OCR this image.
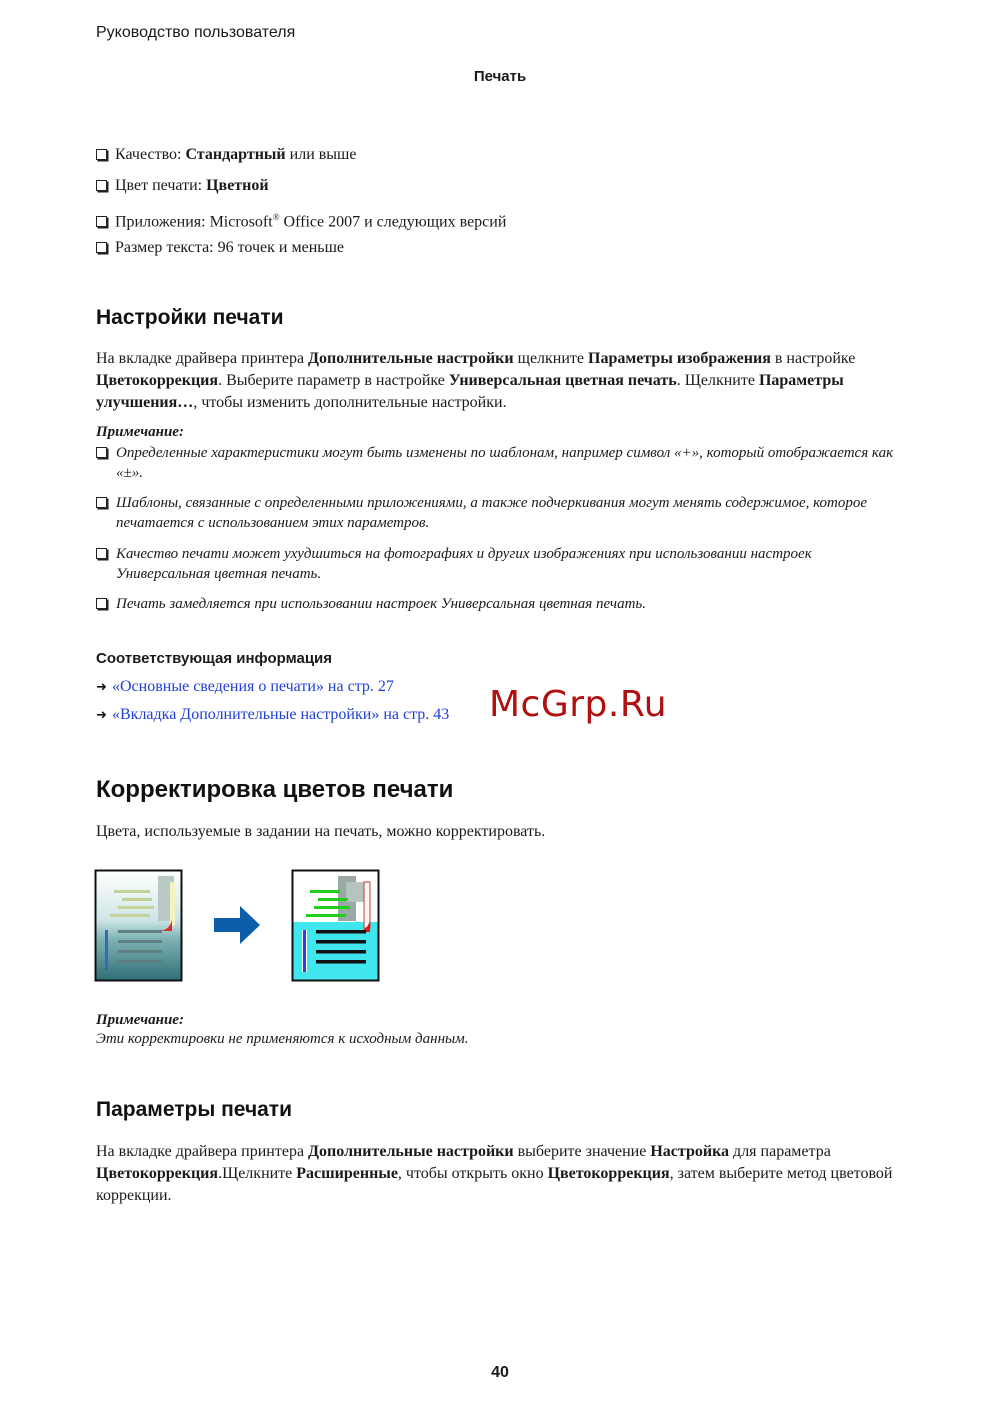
Руководство пользователя
Печать
Качество: Стандартный или выше
Цвет печати: Цветной
Приложения: Microsoft® Office 2007 и следующих версий
Размер текста: 96 точек и меньше
Настройки печати
На вкладке драйвера принтера Дополнительные настройки щелкните Параметры изображения в настройке Цветокоррекция. Выберите параметр в настройке Универсальная цветная печать. Щелкните Параметры улучшения…, чтобы изменить дополнительные настройки.
Примечание:
Определенные характеристики могут быть изменены по шаблонам, например символ «+», который отображается как «±».
Шаблоны, связанные с определенными приложениями, а также подчеркивания могут менять содержимое, которое печатается с использованием этих параметров.
Качество печати может ухудшиться на фотографиях и других изображениях при использовании настроек Универсальная цветная печать.
Печать замедляется при использовании настроек Универсальная цветная печать.
Соответствующая информация
➜ «Основные сведения о печати» на стр. 27
➜ «Вкладка Дополнительные настройки» на стр. 43 McGrp.Ru
Корректировка цветов печати
Цвета, используемые в задании на печать, можно корректировать.
Примечание:
Эти корректировки не применяются к исходным данным.
Параметры печати
На вкладке драйвера принтера Дополнительные настройки выберите значение Настройка для параметра Цветокоррекция.Щелкните Расширенные, чтобы открыть окно Цветокоррекция, затем выберите метод цветовой коррекции.
40
